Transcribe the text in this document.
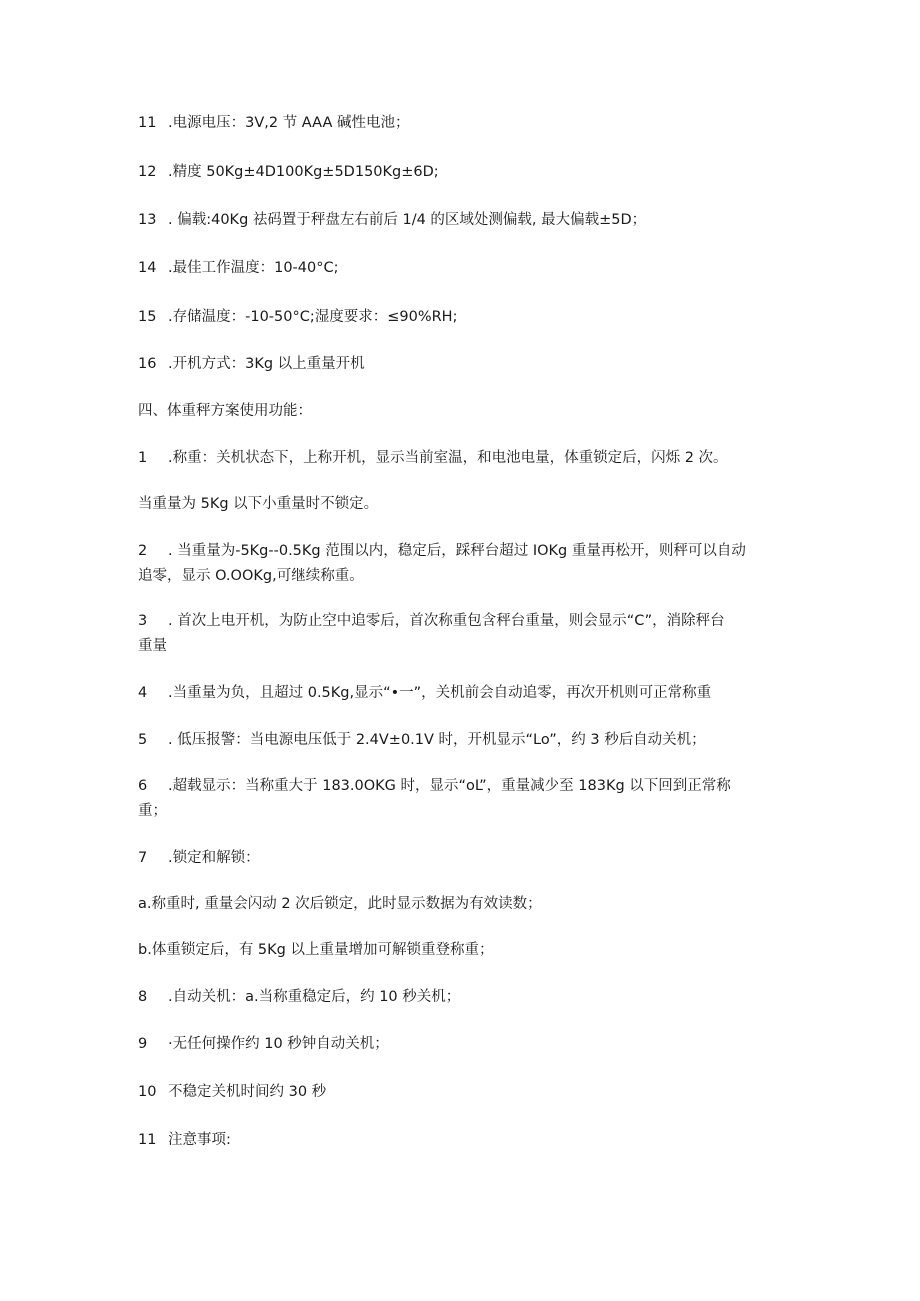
11 .电源电压：3V,2 节 AAA 碱性电池；
12 .精度 50Kg±4D100Kg±5D150Kg±6D;
13 . 偏载:40Kg 祛码置于秤盘左右前后 1/4 的区域处测偏载, 最大偏载±5D；
14 .最佳工作温度：10-40°C;
15 .存储温度：-10-50°C;湿度要求：≤90%RH;
16 .开机方式：3Kg 以上重量开机
四、体重秤方案使用功能：
1 .称重：关机状态下，上称开机，显示当前室温，和电池电量，体重锁定后，闪烁 2 次。
当重量为 5Kg 以下小重量时不锁定。
2 . 当重量为-5Kg--0.5Kg 范围以内，稳定后，踩秤台超过 IOKg 重量再松开，则秤可以自动
追零，显示 O.OOKg,可继续称重。
3 . 首次上电开机，为防止空中追零后，首次称重包含秤台重量，则会显示“C”，消除秤台
重量
4 .当重量为负，且超过 0.5Kg,显示“•一”，关机前会自动追零，再次开机则可正常称重
5 . 低压报警：当电源电压低于 2.4V±0.1V 时，开机显示“Lo”，约 3 秒后自动关机；
6 .超载显示：当称重大于 183.0OKG 时，显示“oL”，重量减少至 183Kg 以下回到正常称
重；
7 .锁定和解锁：
a.称重时, 重量会闪动 2 次后锁定，此时显示数据为有效读数；
b.体重锁定后，有 5Kg 以上重量增加可解锁重登称重；
8 .自动关机：a.当称重稳定后，约 10 秒关机；
9 ·无任何操作约 10 秒钟自动关机；
10 不稳定关机时间约 30 秒
11 注意事项:
